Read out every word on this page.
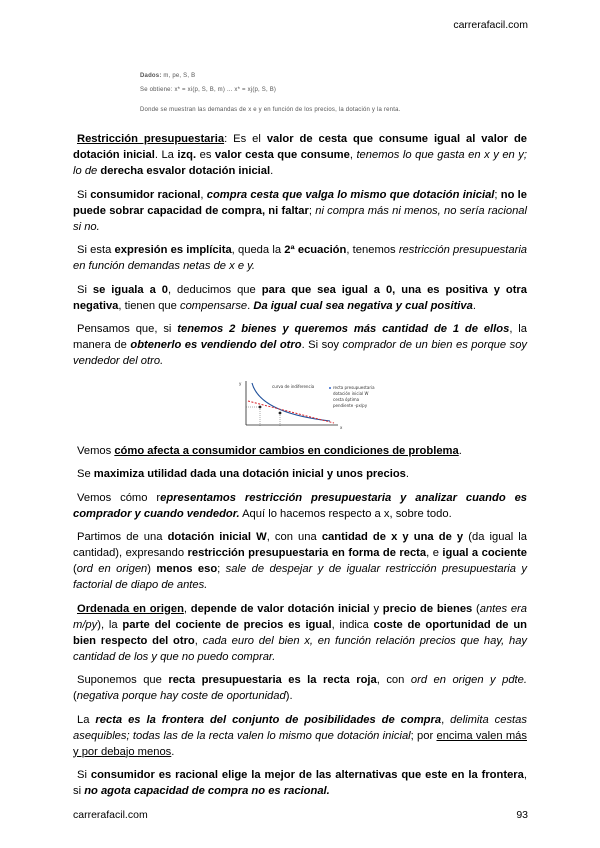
carrerafacil.com
Dados: m, pe, S, B
Se obtiene: x* = xi(p, S, B, m) ... x* = xj(p, S, B)
Donde se muestran las demandas de x e y en función de los precios, la dotación y la renta.

Restricción presupuestaria: Es el valor de cesta que consume igual al valor de dotación inicial. La izq. es valor cesta que consume, tenemos lo que gasta en x y en y; lo de derecha esvalor dotación inicial.

Si consumidor racional, compra cesta que valga lo mismo que dotación inicial; no le puede sobrar capacidad de compra, ni faltar; ni compra más ni menos, no sería racional si no.

Si esta expresión es implícita, queda la 2ª ecuación, tenemos restricción presupuestaria en función demandas netas de x e y.

Si se iguala a 0, deducimos que para que sea igual a 0, una es positiva y otra negativa, tienen que compensarse. Da igual cual sea negativa y cual positiva.

Pensamos que, si tenemos 2 bienes y queremos más cantidad de 1 de ellos, la manera de obtenerlo es vendiendo del otro. Si soy comprador de un bien es porque soy vendedor del otro.

y
x
curva de indiferencia	recta presupuestaria
dotación inicial W
cesta óptima
pendiente -px/py

Vemos cómo afecta a consumidor cambios en condiciones de problema.

Se maximiza utilidad dada una dotación inicial y unos precios.

Vemos cómo representamos restricción presupuestaria y analizar cuando es comprador y cuando vendedor. Aquí lo hacemos respecto a x, sobre todo.

Partimos de una dotación inicial W, con una cantidad de x y una de y (da igual la cantidad), expresando restricción presupuestaria en forma de recta, e igual a cociente (ord en origen) menos eso; sale de despejar y de igualar restricción presupuestaria y factorial de diapo de antes.

Ordenada en origen, depende de valor dotación inicial y precio de bienes (antes era m/py), la parte del cociente de precios es igual, indica coste de oportunidad de un bien respecto del otro, cada euro del bien x, en función relación precios que hay, hay cantidad de los y que no puedo comprar.

Suponemos que recta presupuestaria es la recta roja, con ord en origen y pdte. (negativa porque hay coste de oportunidad).

La recta es la frontera del conjunto de posibilidades de compra, delimita cestas asequibles; todas las de la recta valen lo mismo que dotación inicial; por encima valen más y por debajo menos.

Si consumidor es racional elige la mejor de las alternativas que este en la frontera, si no agota capacidad de compra no es racional.

carrerafacil.com	93
